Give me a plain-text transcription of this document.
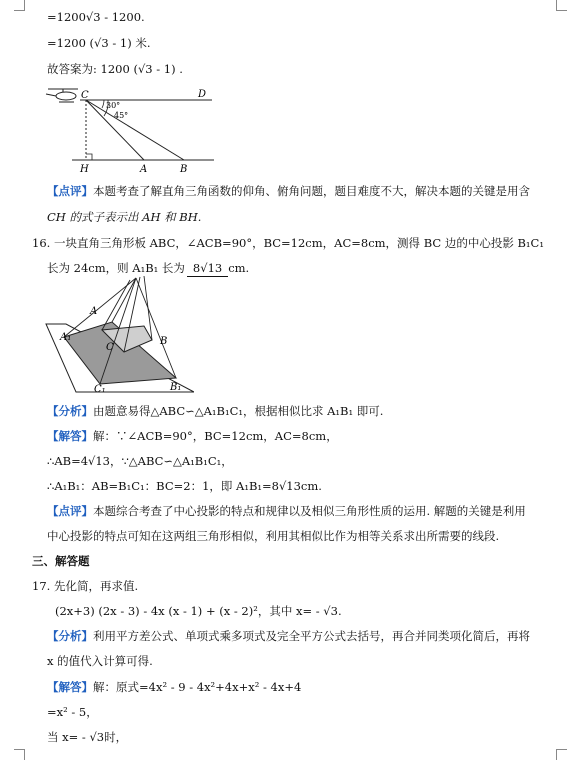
=1200√3 - 1200.
=1200 (√3 - 1) 米.
故答案为: 1200 (√3 - 1) .
C	D
30°
45°
H	A	B
【点评】本题考查了解直角三角函数的仰角、俯角问题，题目难度不大，解决本题的关键是用含
CH 的式子表示出 AH 和 BH.
16. 一块直角三角形板 ABC，∠ACB=90°，BC=12cm，AC=8cm，测得 BC 边的中心投影 B₁C₁
长为 24cm，则 A₁B₁ 长为 8√13 cm.
A
B
C
A₁
B₁
C₁
【分析】由题意易得△ABC∽△A₁B₁C₁，根据相似比求 A₁B₁ 即可.
【解答】解：∵∠ACB=90°，BC=12cm，AC=8cm，
∴AB=4√13，∵△ABC∽△A₁B₁C₁，
∴A₁B₁：AB=B₁C₁：BC=2：1，即 A₁B₁=8√13cm.
【点评】本题综合考查了中心投影的特点和规律以及相似三角形性质的运用. 解题的关键是利用
中心投影的特点可知在这两组三角形相似，利用其相似比作为相等关系求出所需要的线段.
三、解答题
17. 先化简，再求值.
(2x+3) (2x - 3) - 4x (x - 1) + (x - 2)²，其中 x= - √3.
【分析】利用平方差公式、单项式乘多项式及完全平方公式去括号，再合并同类项化简后，再将
x 的值代入计算可得.
【解答】解：原式=4x² - 9 - 4x²+4x+x² - 4x+4
=x² - 5，
当 x= - √3时，
